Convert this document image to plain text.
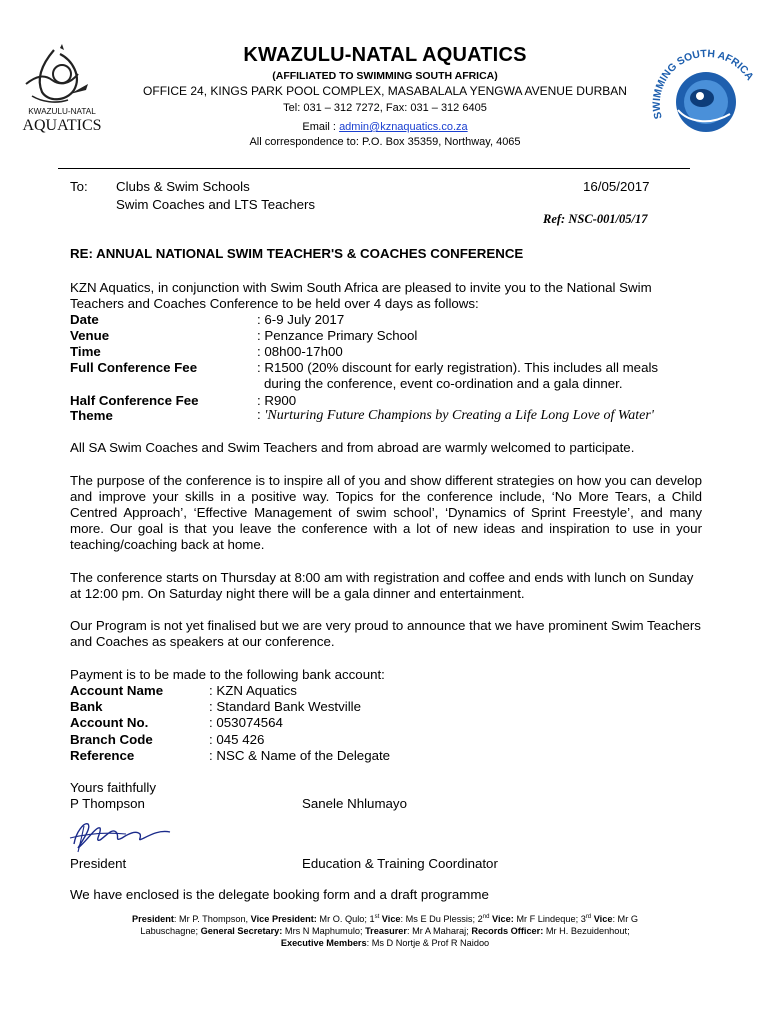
KWAZULU-NATAL
AQUATICS
SWIMMING SOUTH AFRICA
KWAZULU-NATAL AQUATICS
(AFFILIATED TO SWIMMING SOUTH AFRICA)
OFFICE 24, KINGS PARK POOL COMPLEX, MASABALALA YENGWA AVENUE DURBAN
Tel: 031 – 312 7272, Fax: 031 – 312 6405
Email : admin@kznaquatics.co.za
All correspondence to: P.O. Box 35359, Northway, 4065
To: Clubs & Swim Schools
Swim Coaches and LTS Teachers
16/05/2017
Ref: NSC-001/05/17
RE: ANNUAL NATIONAL SWIM TEACHER'S & COACHES CONFERENCE
KZN Aquatics, in conjunction with Swim South Africa are pleased to invite you to the National Swim Teachers and Coaches Conference to be held over 4 days as follows:
Date	: 6-9 July 2017
Venue	: Penzance Primary School
Time	: 08h00-17h00
Full Conference Fee	: R1500 (20% discount for early registration). This includes all meals
during the conference, event co-ordination and a gala dinner.
Half Conference Fee	: R900
Theme	: 'Nurturing Future Champions by Creating a Life Long Love of Water'
All SA Swim Coaches and Swim Teachers and from abroad are warmly welcomed to participate.
The purpose of the conference is to inspire all of you and show different strategies on how you can develop and improve your skills in a positive way. Topics for the conference include, ‘No More Tears, a Child Centred Approach’, ‘Effective Management of swim school’, ‘Dynamics of Sprint Freestyle’, and many more. Our goal is that you leave the conference with a lot of new ideas and inspiration to use in your teaching/coaching back at home.
The conference starts on Thursday at 8:00 am with registration and coffee and ends with lunch on Sunday at 12:00 pm. On Saturday night there will be a gala dinner and entertainment.
Our Program is not yet finalised but we are very proud to announce that we have prominent Swim Teachers and Coaches as speakers at our conference.
Payment is to be made to the following bank account:
Account Name	: KZN Aquatics
Bank	: Standard Bank Westville
Account No.	: 053074564
Branch Code	: 045 426
Reference	: NSC & Name of the Delegate
Yours faithfully
P Thompson	Sanele Nhlumayo
President	Education & Training Coordinator
We have enclosed is the delegate booking form and a draft programme
President: Mr P. Thompson, Vice President: Mr O. Qulo; 1st Vice: Ms E Du Plessis; 2nd Vice: Mr F Lindeque; 3rd Vice: Mr G
Labuschagne; General Secretary: Mrs N Maphumulo; Treasurer: Mr A Maharaj; Records Officer: Mr H. Bezuidenhout;
Executive Members: Ms D Nortje & Prof R Naidoo
